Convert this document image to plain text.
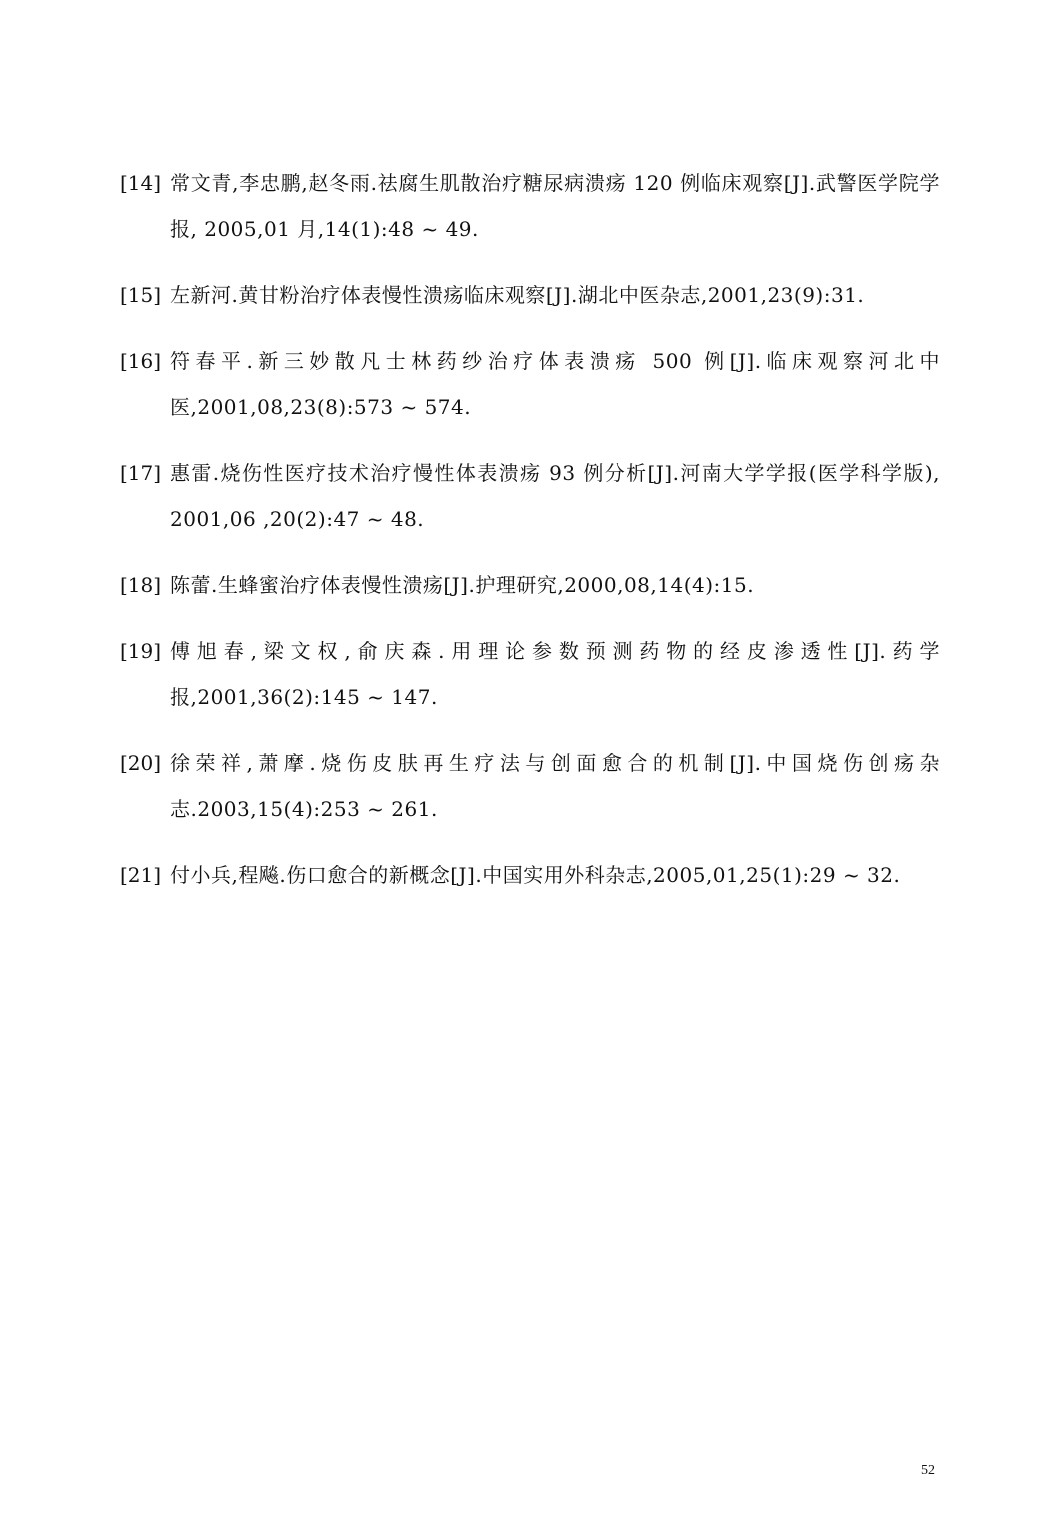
[14] 常文青,李忠鹏,赵冬雨.祛腐生肌散治疗糖尿病溃疡 120 例临床观察[J].武警医学院学报, 2005,01 月,14(1):48 ~ 49.
[15] 左新河.黄甘粉治疗体表慢性溃疡临床观察[J].湖北中医杂志,2001,23(9):31.
[16] 符春平.新三妙散凡士林药纱治疗体表溃疡 500 例[J].临床观察河北中医,2001,08,23(8):573 ~ 574.
[17] 惠雷.烧伤性医疗技术治疗慢性体表溃疡 93 例分析[J].河南大学学报(医学科学版), 2001,06 ,20(2):47 ~ 48.
[18] 陈蕾.生蜂蜜治疗体表慢性溃疡[J].护理研究,2000,08,14(4):15.
[19] 傅旭春,梁文权,俞庆森.用理论参数预测药物的经皮渗透性[J].药学报,2001,36(2):145 ~ 147.
[20] 徐荣祥,萧摩.烧伤皮肤再生疗法与创面愈合的机制[J].中国烧伤创疡杂志.2003,15(4):253 ~ 261.
[21] 付小兵,程飚.伤口愈合的新概念[J].中国实用外科杂志,2005,01,25(1):29 ~ 32.
52
